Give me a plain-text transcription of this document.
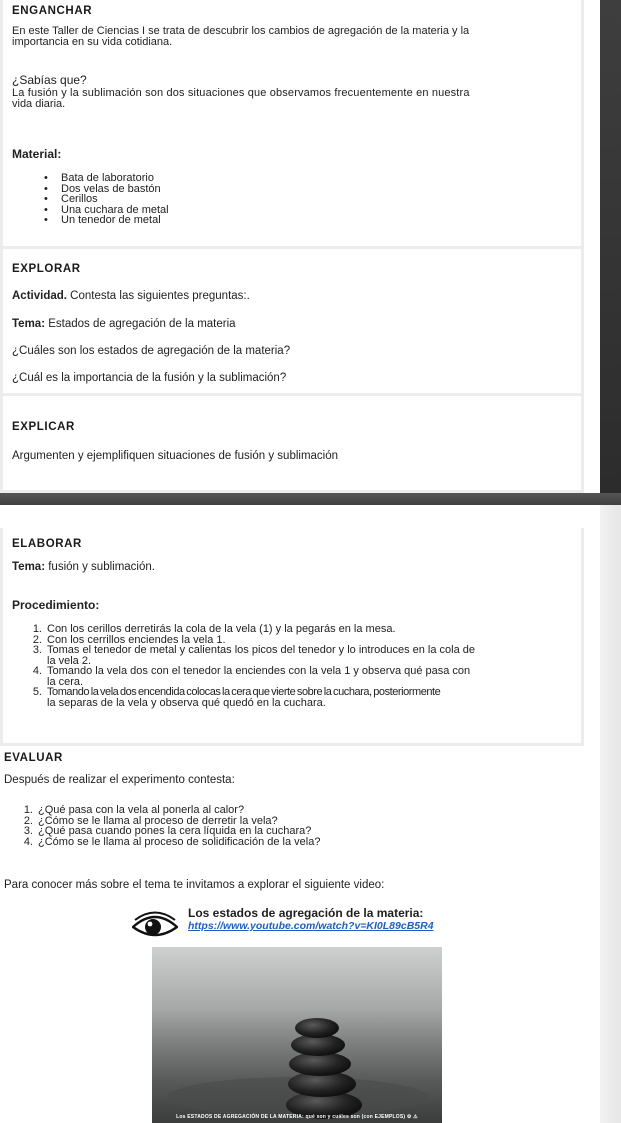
ENGANCHAR
En este Taller de Ciencias I se trata de descubrir los cambios de agregación de la materia y la
importancia en su vida cotidiana.
¿Sabías que?
La fusión y la sublimación son dos situaciones que observamos frecuentemente en nuestra
vida diaria.
Material:
• Bata de laboratorio
• Dos velas de bastón
• Cerillos
• Una cuchara de metal
• Un tenedor de metal
EXPLORAR
Actividad. Contesta las siguientes preguntas:.
Tema: Estados de agregación de la materia
¿Cuáles son los estados de agregación de la materia?
¿Cuál es la importancia de la fusión y la sublimación?
EXPLICAR
Argumenten y ejemplifiquen situaciones de fusión y sublimación
ELABORAR
Tema: fusión y sublimación.
Procedimiento:
1. Con los cerillos derretirás la cola de la vela (1) y la pegarás en la mesa.
2. Con los cerrillos enciendes la vela 1.
3. Tomas el tenedor de metal y calientas los picos del tenedor y lo introduces en la cola de
la vela 2.
4. Tomando la vela dos con el tenedor la enciendes con la vela 1 y observa qué pasa con
la cera.
5. Tomando la vela dos encendida colocas la cera que vierte sobre la cuchara, posteriormente
la separas de la vela y observa qué quedó en la cuchara.
EVALUAR
Después de realizar el experimento contesta:
1. ¿Qué pasa con la vela al ponerla al calor?
2. ¿Cómo se le llama al proceso de derretir la vela?
3. ¿Qué pasa cuando pones la cera líquida en la cuchara?
4. ¿Cómo se le llama al proceso de solidificación de la vela?
Para conocer más sobre el tema te invitamos a explorar el siguiente video:
Los estados de agregación de la materia:
https://www.youtube.com/watch?v=KI0L89cB5R4
Los ESTADOS DE AGREGACIÓN DE LA MATERIA: qué son y cuáles son (con EJEMPLOS) ⚙ ⚠
